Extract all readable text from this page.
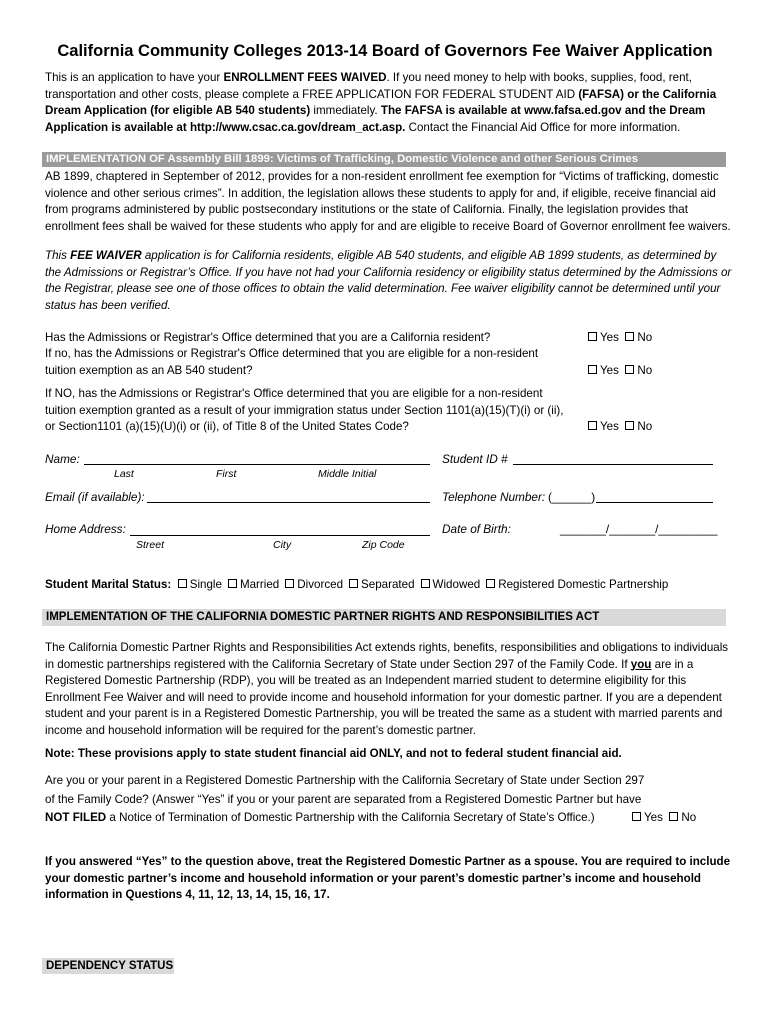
California Community Colleges 2013-14 Board of Governors Fee Waiver Application
This is an application to have your ENROLLMENT FEES WAIVED. If you need money to help with books, supplies, food, rent, transportation and other costs, please complete a FREE APPLICATION FOR FEDERAL STUDENT AID (FAFSA) or the California Dream Application (for eligible AB 540 students) immediately. The FAFSA is available at www.fafsa.ed.gov and the Dream Application is available at http://www.csac.ca.gov/dream_act.asp. Contact the Financial Aid Office for more information.
IMPLEMENTATION OF Assembly Bill 1899: Victims of Trafficking, Domestic Violence and other Serious Crimes
AB 1899, chaptered in September of 2012, provides for a non-resident enrollment fee exemption for “Victims of trafficking, domestic violence and other serious crimes”. In addition, the legislation allows these students to apply for and, if eligible, receive financial aid from programs administered by public postsecondary institutions or the state of California. Finally, the legislation provides that enrollment fees shall be waived for these students who apply for and are eligible to receive Board of Governor enrollment fee waivers.
This FEE WAIVER application is for California residents, eligible AB 540 students, and eligible AB 1899 students, as determined by the Admissions or Registrar’s Office. If you have not had your California residency or eligibility status determined by the Admissions or the Registrar, please see one of those offices to obtain the valid determination. Fee waiver eligibility cannot be determined until your status has been verified.
Has the Admissions or Registrar's Office determined that you are a California resident?	Yes No
If no, has the Admissions or Registrar's Office determined that you are eligible for a non-resident tuition exemption as an AB 540 student?	Yes No
If NO, has the Admissions or Registrar's Office determined that you are eligible for a non-resident tuition exemption granted as a result of your immigration status under Section 1101(a)(15)(T)(i) or (ii), or Section1101 (a)(15)(U)(i) or (ii), of Title 8 of the United States Code?	Yes No
Name:
Last	First	Middle Initial
Student ID #
Email (if available):	Telephone Number: (______)
Home Address:
Street	City	Zip Code
Date of Birth:	_______/_______/_________
Student Marital Status: Single Married Divorced Separated Widowed Registered Domestic Partnership
IMPLEMENTATION OF THE CALIFORNIA DOMESTIC PARTNER RIGHTS AND RESPONSIBILITIES ACT
The California Domestic Partner Rights and Responsibilities Act extends rights, benefits, responsibilities and obligations to individuals in domestic partnerships registered with the California Secretary of State under Section 297 of the Family Code. If you are in a Registered Domestic Partnership (RDP), you will be treated as an Independent married student to determine eligibility for this Enrollment Fee Waiver and will need to provide income and household information for your domestic partner. If you are a dependent student and your parent is in a Registered Domestic Partnership, you will be treated the same as a student with married parents and income and household information will be required for the parent’s domestic partner.
Note: These provisions apply to state student financial aid ONLY, and not to federal student financial aid.
Are you or your parent in a Registered Domestic Partnership with the California Secretary of State under Section 297
of the Family Code? (Answer “Yes” if you or your parent are separated from a Registered Domestic Partner but have
NOT FILED a Notice of Termination of Domestic Partnership with the California Secretary of State’s Office.)	Yes No
If you answered “Yes” to the question above, treat the Registered Domestic Partner as a spouse. You are required to include your domestic partner’s income and household information or your parent’s domestic partner’s income and household information in Questions 4, 11, 12, 13, 14, 15, 16, 17.
DEPENDENCY STATUS
